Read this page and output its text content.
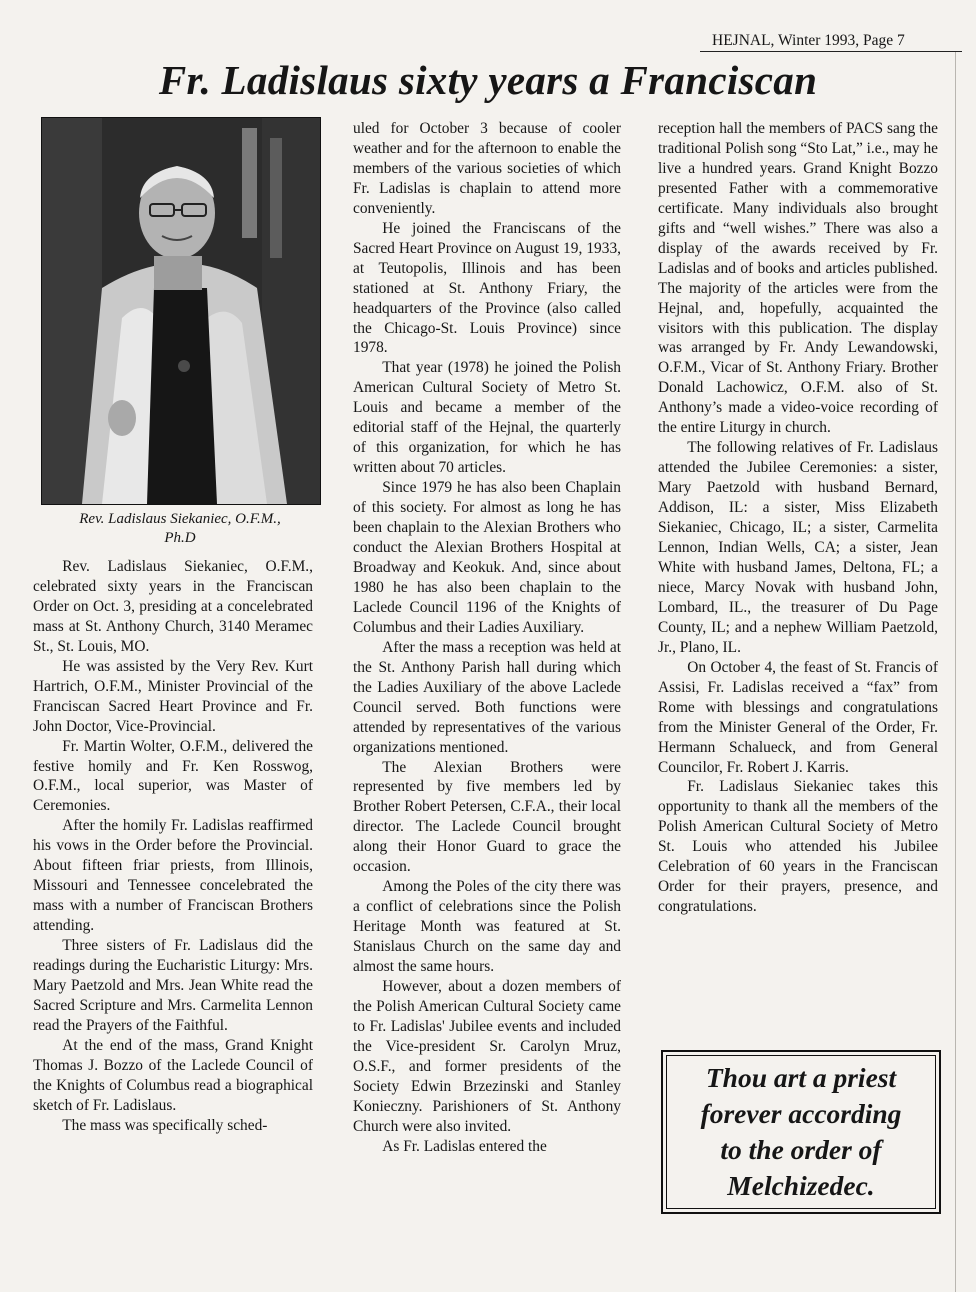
HEJNAL, Winter 1993, Page 7
Fr. Ladislaus sixty years a Franciscan
Rev. Ladislaus Siekaniec, O.F.M.,
Ph.D

Rev. Ladislaus Siekaniec, O.F.M., celebrated sixty years in the Franciscan Order on Oct. 3, presiding at a concelebrated mass at St. Anthony Church, 3140 Meramec St., St. Louis, MO.

He was assisted by the Very Rev. Kurt Hartrich, O.F.M., Minister Provincial of the Franciscan Sacred Heart Province and Fr. John Doctor, Vice-Provincial.

Fr. Martin Wolter, O.F.M., delivered the festive homily and Fr. Ken Rosswog, O.F.M., local superior, was Master of Ceremonies.

After the homily Fr. Ladislas reaffirmed his vows in the Order before the Provincial. About fifteen friar priests, from Illinois, Missouri and Tennessee concelebrated the mass with a number of Franciscan Brothers attending.

Three sisters of Fr. Ladislaus did the readings during the Eucharistic Liturgy: Mrs. Mary Paetzold and Mrs. Jean White read the Sacred Scripture and Mrs. Carmelita Lennon read the Prayers of the Faithful.

At the end of the mass, Grand Knight Thomas J. Bozzo of the Laclede Council of the Knights of Columbus read a biographical sketch of Fr. Ladislaus.

The mass was specifically sched-

uled for October 3 because of cooler weather and for the afternoon to enable the members of the various societies of which Fr. Ladislas is chaplain to attend more conveniently.

He joined the Franciscans of the Sacred Heart Province on August 19, 1933, at Teutopolis, Illinois and has been stationed at St. Anthony Friary, the headquarters of the Province (also called the Chicago-St. Louis Province) since 1978.

That year (1978) he joined the Polish American Cultural Society of Metro St. Louis and became a member of the editorial staff of the Hejnal, the quarterly of this organization, for which he has written about 70 articles.

Since 1979 he has also been Chaplain of this society. For almost as long he has been chaplain to the Alexian Brothers who conduct the Alexian Brothers Hospital at Broadway and Keokuk. And, since about 1980 he has also been chaplain to the Laclede Council 1196 of the Knights of Columbus and their Ladies Auxiliary.

After the mass a reception was held at the St. Anthony Parish hall during which the Ladies Auxiliary of the above Laclede Council served. Both functions were attended by representatives of the various organizations mentioned.

The Alexian Brothers were represented by five members led by Brother Robert Petersen, C.F.A., their local director. The Laclede Council brought along their Honor Guard to grace the occasion.

Among the Poles of the city there was a conflict of celebrations since the Polish Heritage Month was featured at St. Stanislaus Church on the same day and almost the same hours.

However, about a dozen members of the Polish American Cultural Society came to Fr. Ladislas' Jubilee events and included the Vice-president Sr. Carolyn Mruz, O.S.F., and former presidents of the Society Edwin Brzezinski and Stanley Konieczny. Parishioners of St. Anthony Church were also invited.

As Fr. Ladislas entered the

reception hall the members of PACS sang the traditional Polish song “Sto Lat,” i.e., may he live a hundred years. Grand Knight Bozzo presented Father with a commemorative certificate. Many individuals also brought gifts and “well wishes.” There was also a display of the awards received by Fr. Ladislas and of books and articles published. The majority of the articles were from the Hejnal, and, hopefully, acquainted the visitors with this publication. The display was arranged by Fr. Andy Lewandowski, O.F.M., Vicar of St. Anthony Friary. Brother Donald Lachowicz, O.F.M. also of St. Anthony’s made a video-voice recording of the entire Liturgy in church.

The following relatives of Fr. Ladislaus attended the Jubilee Ceremonies: a sister, Mary Paetzold with husband Bernard, Addison, IL: a sister, Miss Elizabeth Siekaniec, Chicago, IL; a sister, Carmelita Lennon, Indian Wells, CA; a sister, Jean White with husband James, Deltona, FL; a niece, Marcy Novak with husband John, Lombard, IL., the treasurer of Du Page County, IL; and a nephew William Paetzold, Jr., Plano, IL.

On October 4, the feast of St. Francis of Assisi, Fr. Ladislas received a “fax” from Rome with blessings and congratulations from the Minister General of the Order, Fr. Hermann Schalueck, and from General Councilor, Fr. Robert J. Karris.

Fr. Ladislaus Siekaniec takes this opportunity to thank all the members of the Polish American Cultural Society of Metro St. Louis who attended his Jubilee Celebration of 60 years in the Franciscan Order for their prayers, presence, and congratulations.

Thou art a priest
forever according
to the order of
Melchizedec.
